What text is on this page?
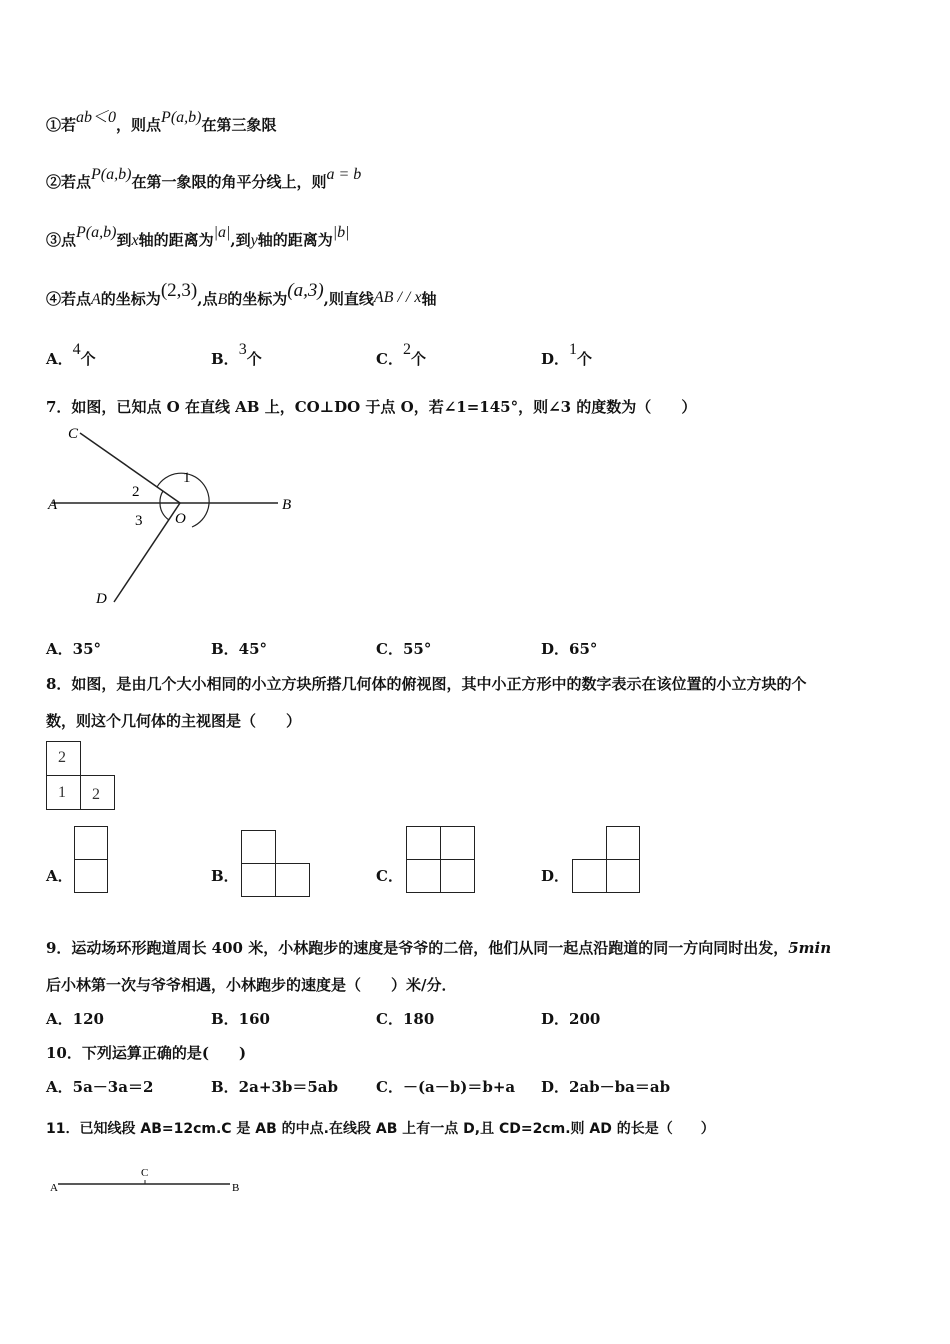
①若ab＜0，则点P(a,b)在第三象限
②若点P(a,b)在第一象限的角平分线上，则a = b
③点P(a,b)到x轴的距离为|a|,到y轴的距离为|b|
④若点A的坐标为(2,3),点B的坐标为(a,3),则直线AB / / x轴
A．4个	B．3个	C．2个	D．1个
7．如图，已知点 O 在直线 AB 上，CO⊥DO 于点 O，若∠1=145°，则∠3 的度数为（　　）
C
A	B
D
O
1
2
3
A．35°	B．45°	C．55°	D．65°
8．如图，是由几个大小相同的小立方块所搭几何体的俯视图，其中小正方形中的数字表示在该位置的小立方块的个
数，则这个几何体的主视图是（　　）
2
1 2
A．	B．	C．	D．
9．运动场环形跑道周长 400 米，小林跑步的速度是爷爷的二倍，他们从同一起点沿跑道的同一方向同时出发，5min
后小林第一次与爷爷相遇，小林跑步的速度是（　　）米/分．
A．120	B．160	C．180	D．200
10．下列运算正确的是(　　)
A．5a－3a＝2	B．2a+3b＝5ab	C．－(a－b)＝b+a D．2ab－ba＝ab
11．已知线段 AB=12cm.C 是 AB 的中点.在线段 AB 上有一点 D,且 CD=2cm.则 AD 的长是（　　）
A	B
C
